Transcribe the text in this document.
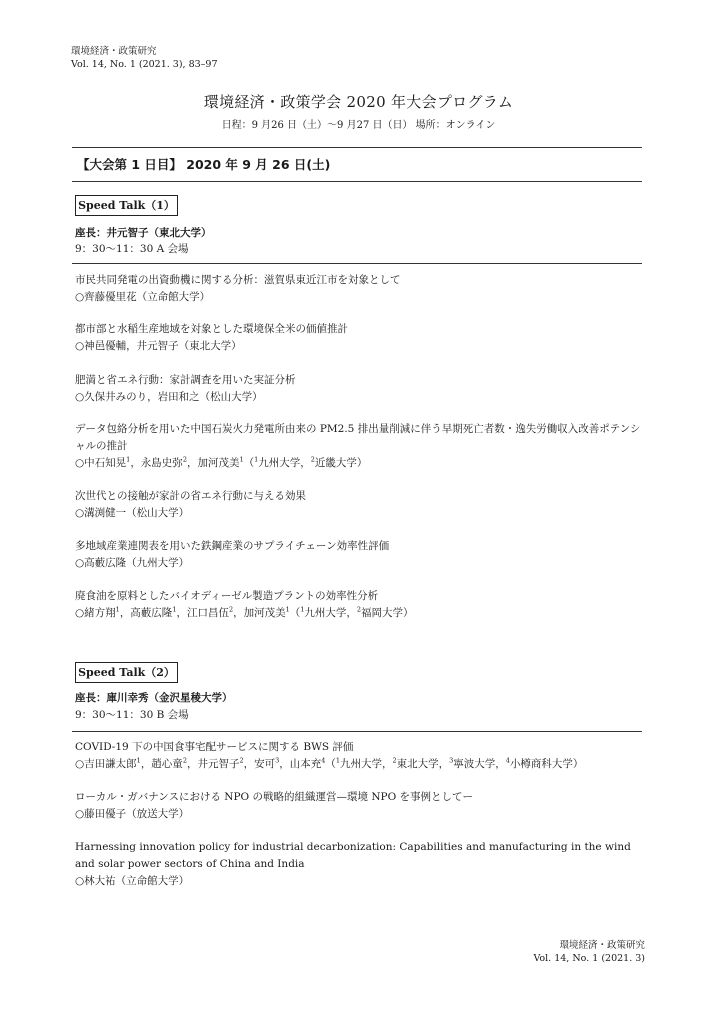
環境経済・政策研究
Vol. 14, No. 1 (2021. 3), 83–97
環境経済・政策学会 2020 年大会プログラム
日程：9 月26 日（土）～9 月27 日（日） 場所：オンライン
【大会第 1 日目】 2020 年 9 月 26 日(土)
Speed Talk（1）
座長：井元智子（東北大学）
9：30～11：30 A 会場
市民共同発電の出資動機に関する分析：滋賀県東近江市を対象として
○齊藤優里花（立命館大学）
都市部と水稲生産地域を対象とした環境保全米の価値推計
○神邑優輔，井元智子（東北大学）
肥満と省エネ行動：家計調査を用いた実証分析
○久保井みのり，岩田和之（松山大学）
データ包絡分析を用いた中国石炭火力発電所由来の PM2.5 排出量削減に伴う早期死亡者数・逸失労働収入改善ポテンシャルの推計
○中石知晃$^1$，永島史弥$^2$，加河茂美$^1$（$^1$九州大学，$^2$近畿大学）
次世代との接触が家計の省エネ行動に与える効果
○溝渕健一（松山大学）
多地域産業連関表を用いた鉄鋼産業のサプライチェーン効率性評価
○高藪広隆（九州大学）
廃食油を原料としたバイオディーゼル製造プラントの効率性分析
○緒方翔$^1$，高藪広隆$^1$，江口昌伍$^2$，加河茂美$^1$（$^1$九州大学，$^2$福岡大学）
Speed Talk（2）
座長：庫川幸秀（金沢星稜大学）
9：30～11：30 B 会場
COVID-19 下の中国食事宅配サービスに関する BWS 評価
○吉田謙太郎$^1$，趙心童$^2$，井元智子$^2$，安可$^3$，山本充$^4$（$^1$九州大学，$^2$東北大学，$^3$寧波大学，$^4$小樽商科大学）
ローカル・ガバナンスにおける NPO の戦略的組織運営—環境 NPO を事例としてー
○藤田優子（放送大学）
Harnessing innovation policy for industrial decarbonization: Capabilities and manufacturing in the wind and solar power sectors of China and India
○林大祐（立命館大学）
環境経済・政策研究
Vol. 14, No. 1 (2021. 3)
